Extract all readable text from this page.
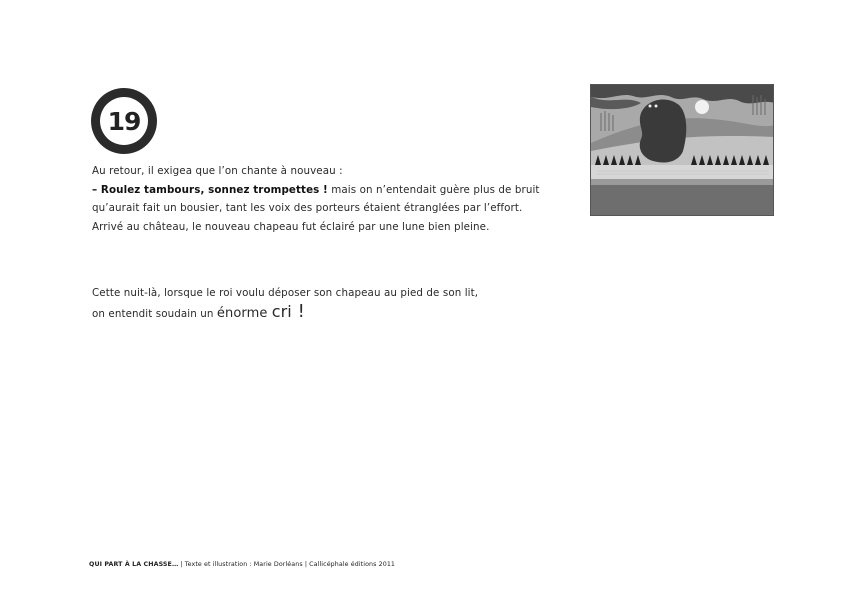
19
Au retour, il exigea que l’on chante à nouveau :
– Roulez tambours, sonnez trompettes ! mais on n’entendait guère plus de bruit
qu’aurait fait un bousier, tant les voix des porteurs étaient étranglées par l’effort.
Arrivé au château, le nouveau chapeau fut éclairé par une lune bien pleine.
Cette nuit-là, lorsque le roi voulu déposer son chapeau au pied de son lit,
on entendit soudain un énorme cri !
QUI PART À LA CHASSE… | Texte et illustration : Marie Dorléans | Callicéphale éditions 2011
